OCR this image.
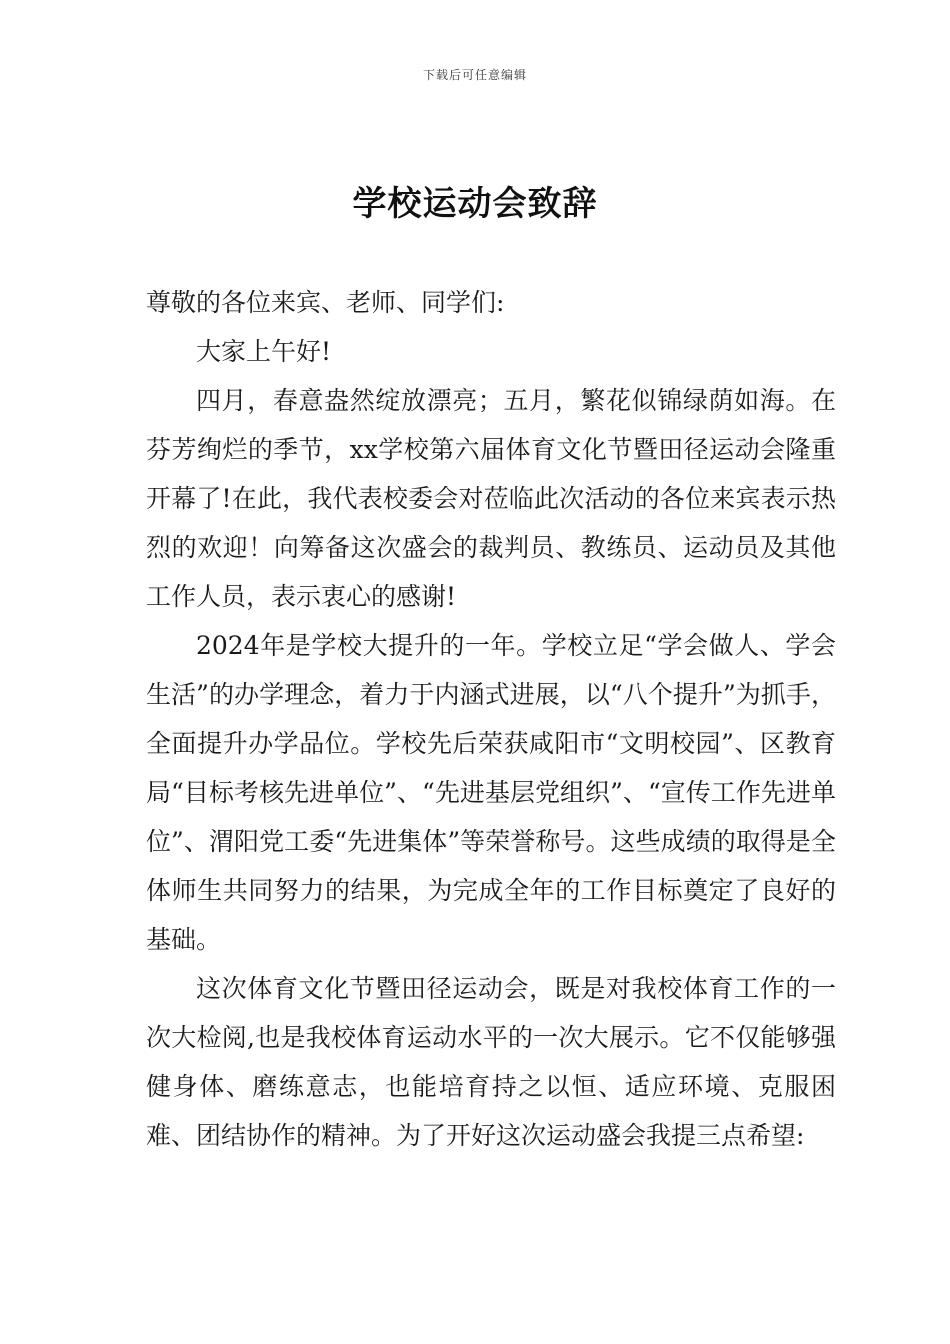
下载后可任意编辑
学校运动会致辞

尊敬的各位来宾、老师、同学们:

大家上午好!

四月，春意盎然绽放漂亮；五月，繁花似锦绿荫如海。在芬芳绚烂的季节，xx学校第六届体育文化节暨田径运动会隆重开幕了!在此，我代表校委会对莅临此次活动的各位来宾表示热烈的欢迎！向筹备这次盛会的裁判员、教练员、运动员及其他工作人员，表示衷心的感谢!

2024年是学校大提升的一年。学校立足“学会做人、学会生活”的办学理念，着力于内涵式进展，以“八个提升”为抓手，全面提升办学品位。学校先后荣获咸阳市“文明校园”、区教育局“目标考核先进单位”、“先进基层党组织”、“宣传工作先进单位”、渭阳党工委“先进集体”等荣誉称号。这些成绩的取得是全体师生共同努力的结果，为完成全年的工作目标奠定了良好的基础。

这次体育文化节暨田径运动会，既是对我校体育工作的一次大检阅,也是我校体育运动水平的一次大展示。它不仅能够强健身体、磨练意志，也能培育持之以恒、适应环境、克服困难、团结协作的精神。为了开好这次运动盛会我提三点希望:
